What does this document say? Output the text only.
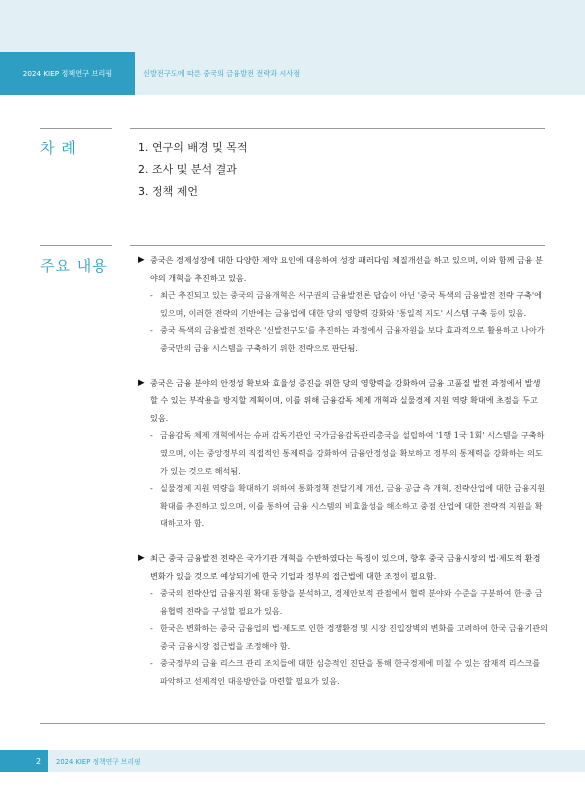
2024 KIEP 정책연구 브리핑	신발전구도에 따른 중국의 금융발전 전략과 시사점
차 례	1. 연구의 배경 및 목적
2. 조사 및 분석 결과
3. 정책 제언
주요 내용	▶ 중국은 경제성장에 대한 다양한 제약 요인에 대응하여 성장 패러다임 체질개선을 하고 있으며, 이와 함께 금융 분야의 개혁을 추진하고 있음.
- 최근 추진되고 있는 중국의 금융개혁은 서구권의 금융발전론 답습이 아닌 '중국 특색의 금융발전 전략 구축'에 있으며, 이러한 전략의 기반에는 금융업에 대한 당의 영향력 강화와 '통일적 지도' 시스템 구축 등이 있음.
- 중국 특색의 금융발전 전략은 '신발전구도'를 추진하는 과정에서 금융자원을 보다 효과적으로 활용하고 나아가 중국만의 금융 시스템을 구축하기 위한 전략으로 판단됨.
▶ 중국은 금융 분야의 안정성 확보와 효율성 증진을 위한 당의 영향력을 강화하여 금융 고품질 발전 과정에서 발생할 수 있는 부작용을 방지할 계획이며, 이를 위해 금융감독 체제 개혁과 실물경제 지원 역량 확대에 초점을 두고 있음.
- 금융감독 체제 개혁에서는 슈퍼 감독기관인 국가금융감독관리총국을 설립하여 '1행 1국 1회' 시스템을 구축하였으며, 이는 중앙정부의 직접적인 통제력을 강화하여 금융안정성을 확보하고 정부의 통제력을 강화하는 의도가 있는 것으로 해석됨.
- 실물경제 지원 역량을 확대하기 위하여 통화정책 전달기제 개선, 금융 공급 측 개혁, 전략산업에 대한 금융지원 확대를 추진하고 있으며, 이를 통하여 금융 시스템의 비효율성을 해소하고 중점 산업에 대한 전략적 지원을 확대하고자 함.
▶ 최근 중국 금융발전 전략은 국가기관 개혁을 수반하였다는 특징이 있으며, 향후 중국 금융시장의 법·제도적 환경 변화가 있을 것으로 예상되기에 한국 기업과 정부의 접근법에 대한 조정이 필요함.
- 중국의 전략산업 금융지원 확대 동향을 분석하고, 경제안보적 관점에서 협력 분야와 수준을 구분하여 한·중 금융협력 전략을 구성할 필요가 있음.
- 한국은 변화하는 중국 금융업의 법·제도로 인한 경쟁환경 및 시장 진입장벽의 변화를 고려하여 한국 금융기관의 중국 금융시장 접근법을 조정해야 함.
- 중국정부의 금융 리스크 관리 조치들에 대한 심층적인 진단을 통해 한국경제에 미칠 수 있는 잠재적 리스크를 파악하고 선제적인 대응방안을 마련할 필요가 있음.
2	2024 KIEP 정책연구 브리핑
